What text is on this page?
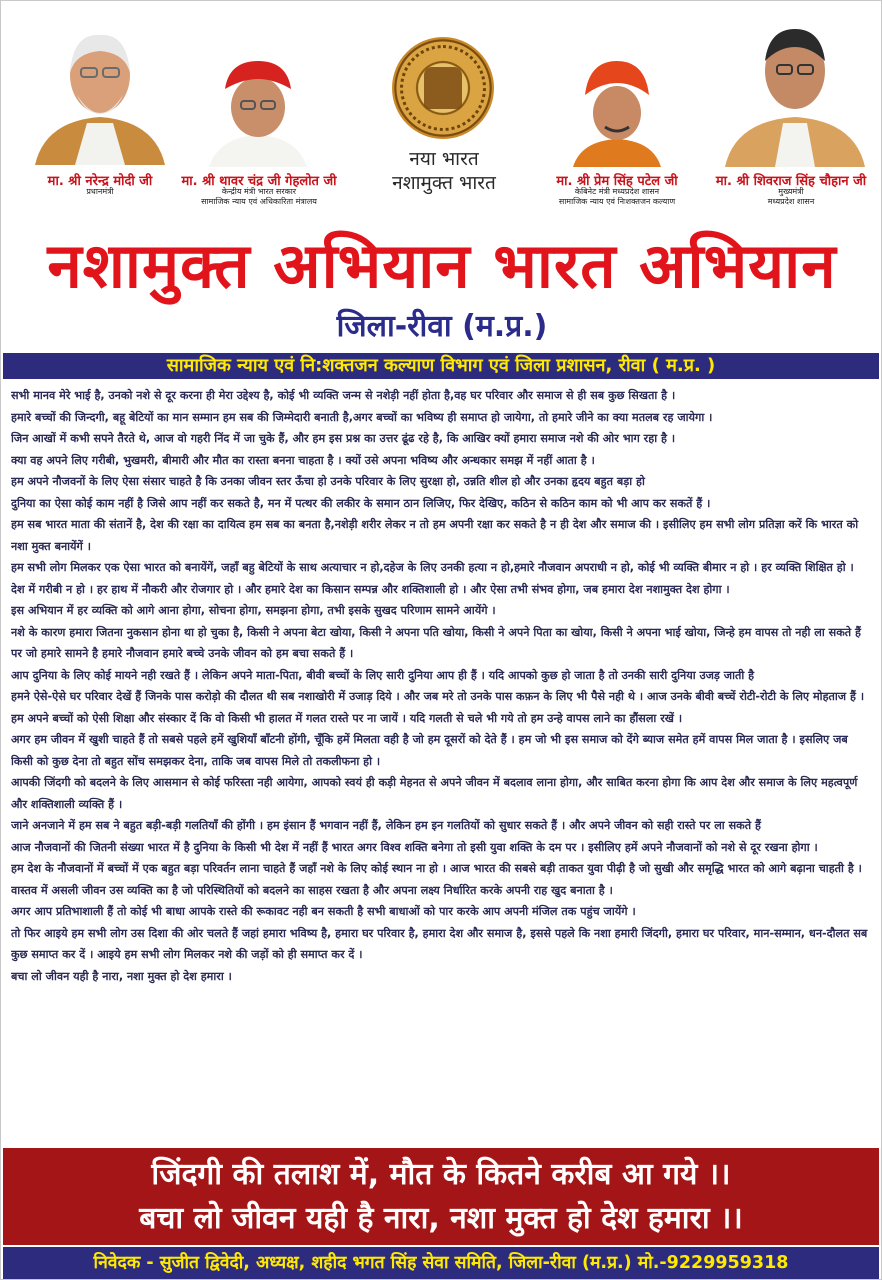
मा. श्री नरेन्द्र मोदी जी
प्रधानमंत्री
मा. श्री थावर चंद्र जी गेहलोत जी
केन्द्रीय मंत्री भारत सरकार
सामाजिक न्याय एवं अधिकारिता मंत्रालय
नया भारत
नशामुक्त भारत	मा. श्री प्रेम सिंह पटेल जी
केबिनेट मंत्री मध्यप्रदेश शासन
सामाजिक न्याय एवं निःशक्तजन कल्याण
मा. श्री शिवराज सिंह चौहान जी
मुख्यमंत्री
मध्यप्रदेश शासन
नशामुक्त अभियान भारत अभियान
जिला-रीवा (म.प्र.)
सामाजिक न्याय एवं नि:शक्तजन कल्याण विभाग एवं जिला प्रशासन, रीवा ( म.प्र. )

सभी मानव मेरे भाई है, उनको नशे से दूर करना ही मेरा उद्देश्य है, कोई भी व्यक्ति जन्म से नशेड़ी नहीं होता है,वह घर परिवार और समाज से ही सब कुछ सिखता है ।

हमारे बच्चों की जिन्दगी, बहू बेटियों का मान सम्मान हम सब की जिम्मेदारी बनाती है,अगर बच्चों का भविष्य ही समाप्त हो जायेगा, तो हमारे जीने का क्या मतलब रह जायेगा ।

जिन आखों में कभी सपने तैरते थे, आज वो गहरी निंद में जा चुके हैं, और हम इस प्रश्न का उत्तर ढूंढ रहे है, कि आखिर क्यों हमारा समाज नशे की ओर भाग रहा है ।

क्या वह अपने लिए गरीबी, भुखमरी, बीमारी और मौत का रास्ता बनना चाहता है । क्यों उसे अपना भविष्य और अन्धकार समझ में नहीं आता है ।

हम अपने नौजवनों के लिए ऐसा संसार चाहते है कि उनका जीवन स्तर ऊँचा हो उनके परिवार के लिए सुरक्षा हो, उन्नति शील हो और उनका हृदय बहुत बड़ा हो

दुनिया का ऐसा कोई काम नहीं है जिसे आप नहीं कर सकते है, मन में पत्थर की लकीर के समान ठान लिजिए, फिर देखिए, कठिन से कठिन काम को भी आप कर सकतें हैं ।

हम सब भारत माता की संतानें है, देश की रक्षा का दायित्व हम सब का बनता है,नशेड़ी शरीर लेकर न तो हम अपनी रक्षा कर सकते है न ही देश और समाज की । इसीलिए हम सभी लोग प्रतिज्ञा करें कि भारत को नशा मुक्त बनायेंगें ।

हम सभी लोग मिलकर एक ऐसा भारत को बनायेंगें, जहाँ बहु बेटियों के साथ अत्याचार न हो,दहेज के लिए उनकी हत्या न हो,हमारे नौजवान अपराधी न हो, कोई भी व्यक्ति बीमार न हो । हर व्यक्ति शिक्षित हो ।

देश में गरीबी न हो । हर हाथ में नौकरी और रोजगार हो । और हमारे देश का किसान सम्पन्न और शक्तिशाली हो । और ऐसा तभी संभव होगा, जब हमारा देश नशामुक्त देश होगा ।

इस अभियान में हर व्यक्ति को आगे आना होगा, सोचना होगा, समझना होगा, तभी इसके सुखद परिणाम सामने आयेंगे ।

नशे के कारण हमारा जितना नुकसान होना था हो चुका है, किसी ने अपना बेटा खोया, किसी ने अपना पति खोया, किसी ने अपने पिता का खोया, किसी ने अपना भाई खोया, जिन्हे हम वापस तो नही ला सकते हैं पर जो हमारे सामने है हमारे नौजवान हमारे बच्चे उनके जीवन को हम बचा सकते हैं ।

आप दुनिया के लिए कोई मायने नही रखते हैं । लेकिन अपने माता-पिता, बीवी बच्चों के लिए सारी दुनिया आप ही हैं । यदि आपको कुछ हो जाता है तो उनकी सारी दुनिया उजड़ जाती है

हमने ऐसे-ऐसे घर परिवार देखें हैं जिनके पास करोड़ो की दौलत थी सब नशाखोरी में उजाड़ दिये । और जब मरे तो उनके पास कफ़न के लिए भी पैसे नही थे । आज उनके बीवी बच्चें रोटी-रोटी के लिए मोहताज हैं ।

हम अपने बच्चों को ऐसी शिक्षा और संस्कार दें कि वो किसी भी हालत में गलत रास्ते पर ना जायें । यदि गलती से चले भी गये तो हम उन्हे वापस लाने का हौंसला रखें ।

अगर हम जीवन में खुशी चाहते हैं तो सबसे पहले हमें खुशियाँ बाँटनी होंगी, चूँकि हमें मिलता वही है जो हम दूसरों को देते हैं । हम जो भी इस समाज को देंगे ब्याज समेत हमें वापस मिल जाता है । इसलिए जब किसी को कुछ देना तो बहुत सोंच समझकर देना, ताकि जब वापस मिले तो तकलीफना हो ।

आपकी जिंदगी को बदलने के लिए आसमान से कोई फरिस्ता नही आयेगा, आपको स्वयं ही कड़ी मेहनत से अपने जीवन में बदलाव लाना होगा, और साबित करना होगा कि आप देश और समाज के लिए महत्वपूर्ण और शक्तिशाली व्यक्ति हैं ।

जाने अनजाने में हम सब ने बहुत बड़ी-बड़ी गलतियाँ की होंगी । हम इंसान हैं भगवान नहीं हैं, लेकिन हम इन गलतियों को सुधार सकते हैं । और अपने जीवन को सही रास्ते पर ला सकते हैं

आज नौजवानों की जितनी संख्या भारत में है दुनिया के किसी भी देश में नहीं हैं भारत अगर विश्व शक्ति बनेगा तो इसी युवा शक्ति के दम पर । इसीलिए हमें अपने नौजवानों को नशे से दूर रखना होगा ।

हम देश के नौजवानों में बच्चों में एक बहुत बड़ा परिवर्तन लाना चाहते हैं जहाँ नशे के लिए कोई स्थान ना हो । आज भारत की सबसे बड़ी ताकत युवा पीढ़ी है जो सुखी और समृद्धि भारत को आगे बढ़ाना चाहती है ।

वास्तव में असली जीवन उस व्यक्ति का है जो परिस्थितियों को बदलने का साहस रखता है और अपना लक्ष्य निर्धारित करके अपनी राह खुद बनाता है ।

अगर आप प्रतिभाशाली हैं तो कोई भी बाधा आपके रास्ते की रूकावट नही बन सकती है सभी बाधाओं को पार करके आप अपनी मंजिल तक पहुंच जायेंगे ।

तो फिर आइये हम सभी लोग उस दिशा की ओर चलते हैं जहां हमारा भविष्य है, हमारा घर परिवार है, हमारा देश और समाज है, इससे पहले कि नशा हमारी जिंदगी, हमारा घर परिवार, मान-सम्मान, धन-दौलत सब कुछ समाप्त कर दें । आइये हम सभी लोग मिलकर नशे की जड़ों को ही समाप्त कर दें ।

बचा लो जीवन यही है नारा, नशा मुक्त हो देश हमारा ।

जिंदगी की तलाश में, मौत के कितने करीब आ गये ।।
बचा लो जीवन यही है नारा, नशा मुक्त हो देश हमारा ।।
निवेदक - सुजीत द्विवेदी, अध्यक्ष, शहीद भगत सिंह सेवा समिति, जिला-रीवा (म.प्र.) मो.-9229959318
